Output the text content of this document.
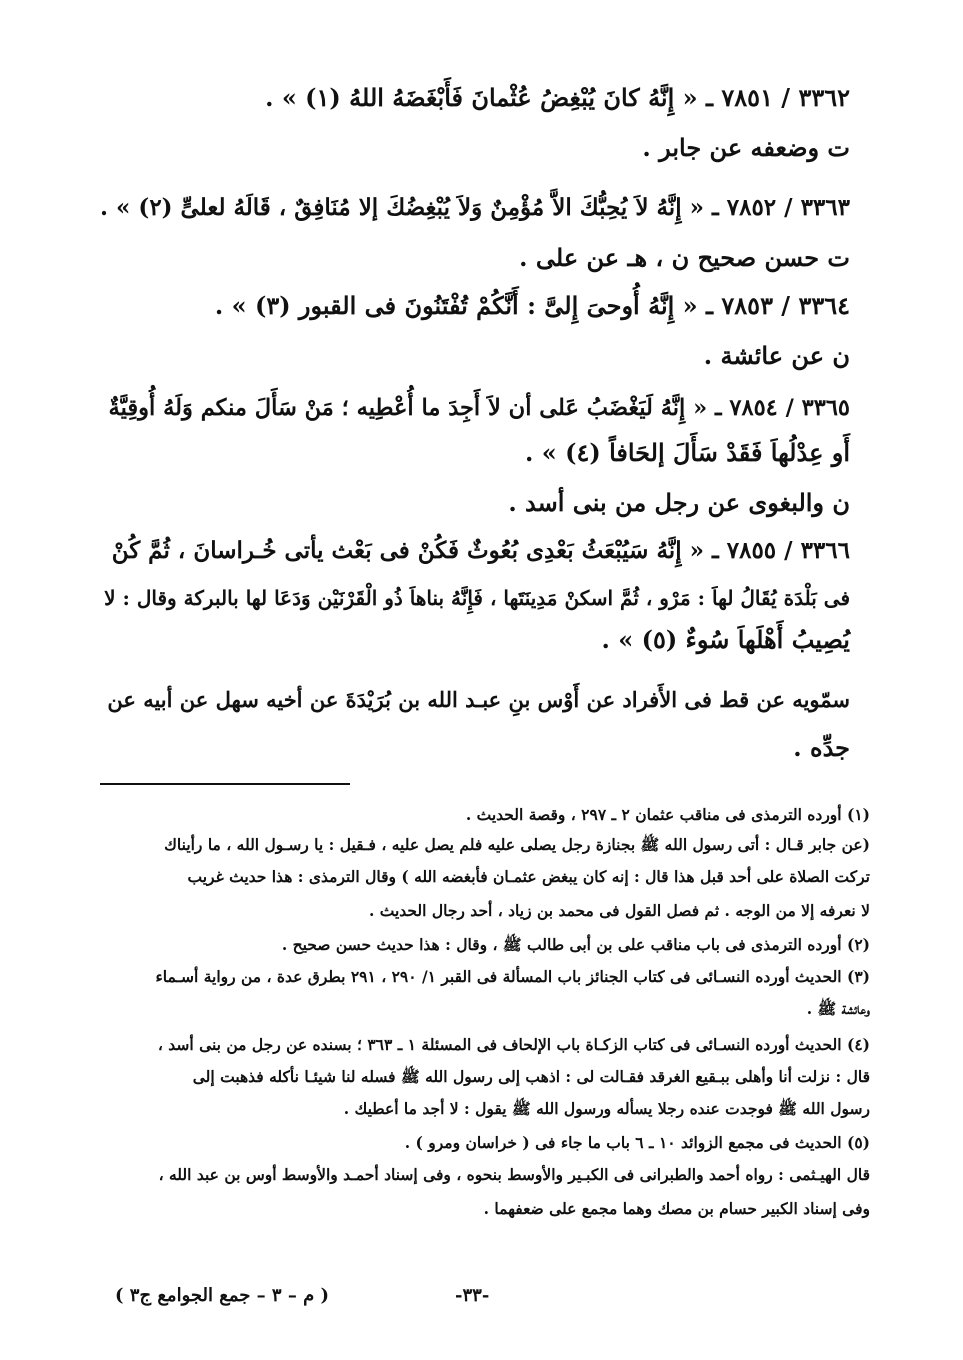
٣٣٦٢ / ٧٨٥١ ـ « إِنَّهُ كانَ يُبْغِضُ عُثْمانَ فَأَبْغَضَهُ اللهُ (١) » .
ت وضعفه عن جابر .
٣٣٦٣ / ٧٨٥٢ ـ « إِنَّهُ لاَ يُحِبُّكَ الاَّ مُؤْمِنٌ وَلاَ يُبْغِضُكَ إلا مُنَافِقٌ ، قَالَهُ لعلىٍّ (٢) » .
ت حسن صحيح ن ، هـ عن على .
٣٣٦٤ / ٧٨٥٣ ـ « إِنَّهُ أُوحىَ إِلىَّ : أَنَّكُمْ تُفْتَنُونَ فى القبور (٣) » .
ن عن عائشة .
٣٣٦٥ / ٧٨٥٤ ـ « إِنَّهُ لَيَغْضَبُ عَلى أن لاَ أَجِدَ ما أُعْطِيه ؛ مَنْ سَأَلَ منكم وَلَهُ أُوقِيَّةٌ
أَو عِدْلُهاَ فَقَدْ سَأَلَ إلحَافاً (٤) » .
ن والبغوى عن رجل من بنى أسد .
٣٣٦٦ / ٧٨٥٥ ـ « إِنَّهُ سَيُبْعَثُ بَعْدِى بُعُوثٌ فَكُنْ فى بَعْث يأتى خُـراسانَ ، ثُمَّ كُنْ
فى بَلْدَة يُقَالُ لهاَ : مَرْو ، ثُمَّ اسكنْ مَدِينَتَها ، فَإِنَّهُ بناهاَ ذُو الْقَرْنَيْن وَدَعَا لها بالبركة وقال : لا
يُصِيبُ أَهْلَهاَ سُوءٌ (٥) » .
سمّويه عن قط فى الأَفراد عن أَوْس بنِ عبـد الله بن بُرَيْدَةَ عن أخيه سهل عن أبيه عن
جدِّه .
(١) أورده الترمذى فى مناقب عثمان ٢ ـ ٢٩٧ ، وقصة الحديث .
(عن جابر قـال : أتى رسول الله ﷺ بجنازة رجل يصلى عليه فلم يصل عليه ، فـقيل : يا رسـول الله ، ما رأيناك
تركت الصلاة على أحد قبل هذا قال : إنه كان يبغض عثمـان فأبغضه الله ) وقال الترمذى : هذا حديث غريب
لا نعرفه إلا من الوجه . ثم فصل القول فى محمد بن زياد ، أحد رجال الحديث .
(٢) أورده الترمذى فى باب مناقب على بن أبى طالب ﷺ ، وقال : هذا حديث حسن صحيح .
(٣) الحديث أورده النسـائى فى كتاب الجنائز باب المسألة فى القبر ١/ ٢٩٠ ، ٢٩١ بطرق عدة ، من رواية أسـماء
وعائشة ﷺ .
(٤) الحديث أورده النسـائى فى كتاب الزكـاة باب الإلحاف فى المسئلة ١ ـ ٣٦٣ ؛ بسنده عن رجل من بنى أسد ،
قال : نزلت أنا وأهلى ببـقيع الغرقد فقـالت لى : اذهب إلى رسول الله ﷺ فسله لنا شيئـا نأكله فذهبت إلى
رسول الله ﷺ فوجدت عنده رجلا يسأله ورسول الله ﷺ يقول : لا أجد ما أعطيك .
(٥) الحديث فى مجمع الزوائد ١٠ ـ ٦ باب ما جاء فى ( خراسان ومرو ) .
قال الهيـثمى : رواه أحمد والطبرانى فى الكبـير والأوسط بنحوه ، وفى إسناد أحمـد والأوسط أوس بن عبد الله ،
وفى إسناد الكبير حسام بن مصك وهما مجمع على ضعفهما .
-٣٣-
( م – ٣ – جمع الجوامع ج٣ )
